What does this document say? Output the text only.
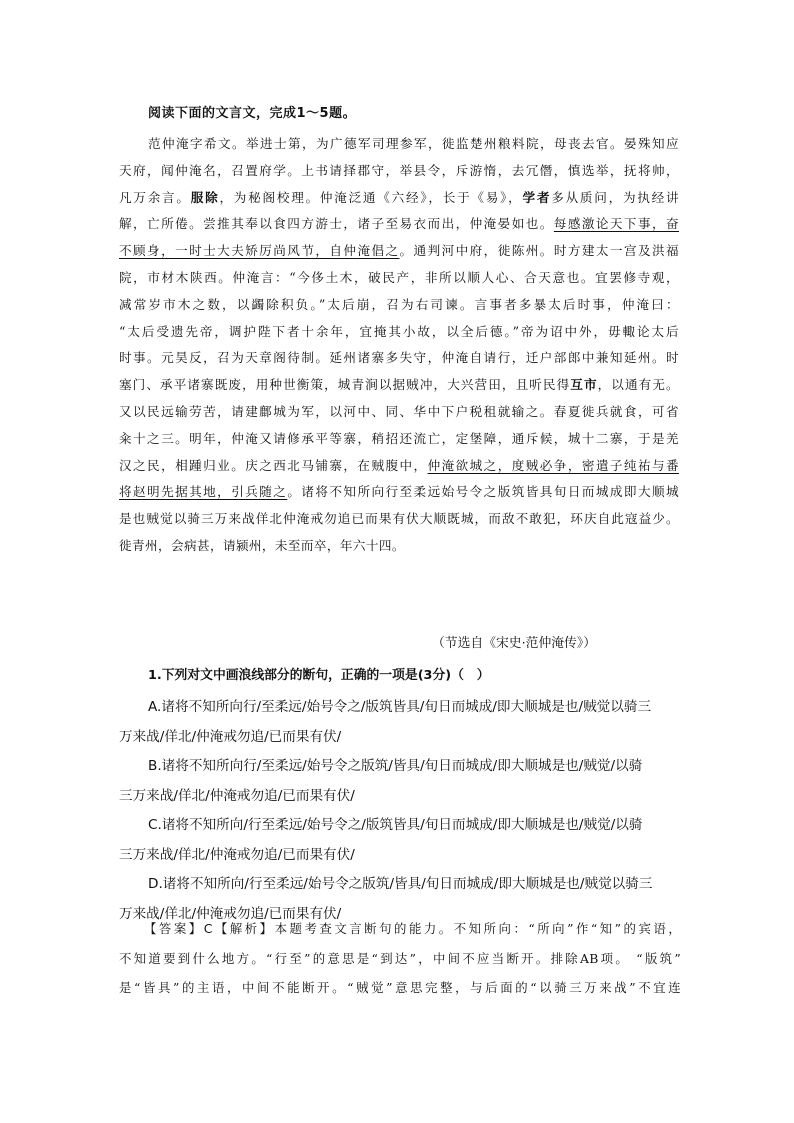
阅读下面的文言文，完成1～5题。
范仲淹字希文。举进士第，为广德军司理参军，徙监楚州粮料院，母丧去官。晏殊知应
天府，闻仲淹名，召置府学。上书请择郡守，举县令，斥游惰，去冗僭，慎选举，抚将帅，
凡万余言。服除，为秘阁校理。仲淹泛通《六经》，长于《易》，学者多从质问，为执经讲
解，亡所倦。尝推其奉以食四方游士，诸子至易衣而出，仲淹晏如也。每感激论天下事，奋
不顾身，一时士大夫矫厉尚风节，自仲淹倡之。通判河中府，徙陈州。时方建太一宫及洪福
院，市材木陕西。仲淹言：“今侈土木，破民产，非所以顺人心、合天意也。宜罢修寺观，
减常岁市木之数，以蠲除积负。”太后崩，召为右司谏。言事者多暴太后时事，仲淹曰：
“太后受遗先帝，调护陛下者十余年，宜掩其小故，以全后德。”帝为诏中外，毋輙论太后
时事。元昊反，召为天章阁待制。延州诸寨多失守，仲淹自请行，迁户部郎中兼知延州。时
塞门、承平诸寨既废，用种世衡策，城青涧以据贼冲，大兴营田，且听民得互市，以通有无。
又以民远输劳苦，请建鄜城为军，以河中、同、华中下户税租就输之。春夏徙兵就食，可省
籴十之三。明年，仲淹又请修承平等寨，稍招还流亡，定堡障，通斥候，城十二寨，于是羌
汉之民，相踵归业。庆之西北马铺寨，在贼腹中，仲淹欲城之，度贼必争，密遣子纯祐与番
将赵明先据其地，引兵随之。诸将不知所向行至柔远始号令之版筑皆具旬日而城成即大顺城
是也贼觉以骑三万来战佯北仲淹戒勿追已而果有伏大顺既城，而敌不敢犯，环庆自此寇益少。
徙青州，会病甚，请颍州，未至而卒，年六十四。
（节选自《宋史·范仲淹传》）
1.下列对文中画浪线部分的断句，正确的一项是(3分)（　）
A.诸将不知所向行/至柔远/始号令之/版筑皆具/旬日而城成/即大顺城是也/贼觉以骑三
万来战/佯北/仲淹戒勿追/已而果有伏/
B.诸将不知所向行/至柔远/始号令之版筑/皆具/旬日而城成/即大顺城是也/贼觉/以骑
三万来战/佯北/仲淹戒勿追/已而果有伏/
C.诸将不知所向/行至柔远/始号令之/版筑皆具/旬日而城成/即大顺城是也/贼觉/以骑
三万来战/佯北/仲淹戒勿追/已而果有伏/
D.诸将不知所向/行至柔远/始号令之版筑/皆具/旬日而城成/即大顺城是也/贼觉以骑三
万来战/佯北/仲淹戒勿追/已而果有伏/
【答案】C【解析】本题考查文言断句的能力。不知所向：“所向”作“知”的宾语，
不知道要到什么地方。“行至”的意思是“到达”，中间不应当断开。排除AB项。 “版筑”
是“皆具”的主语，中间不能断开。“贼觉”意思完整，与后面的“以骑三万来战”不宜连
